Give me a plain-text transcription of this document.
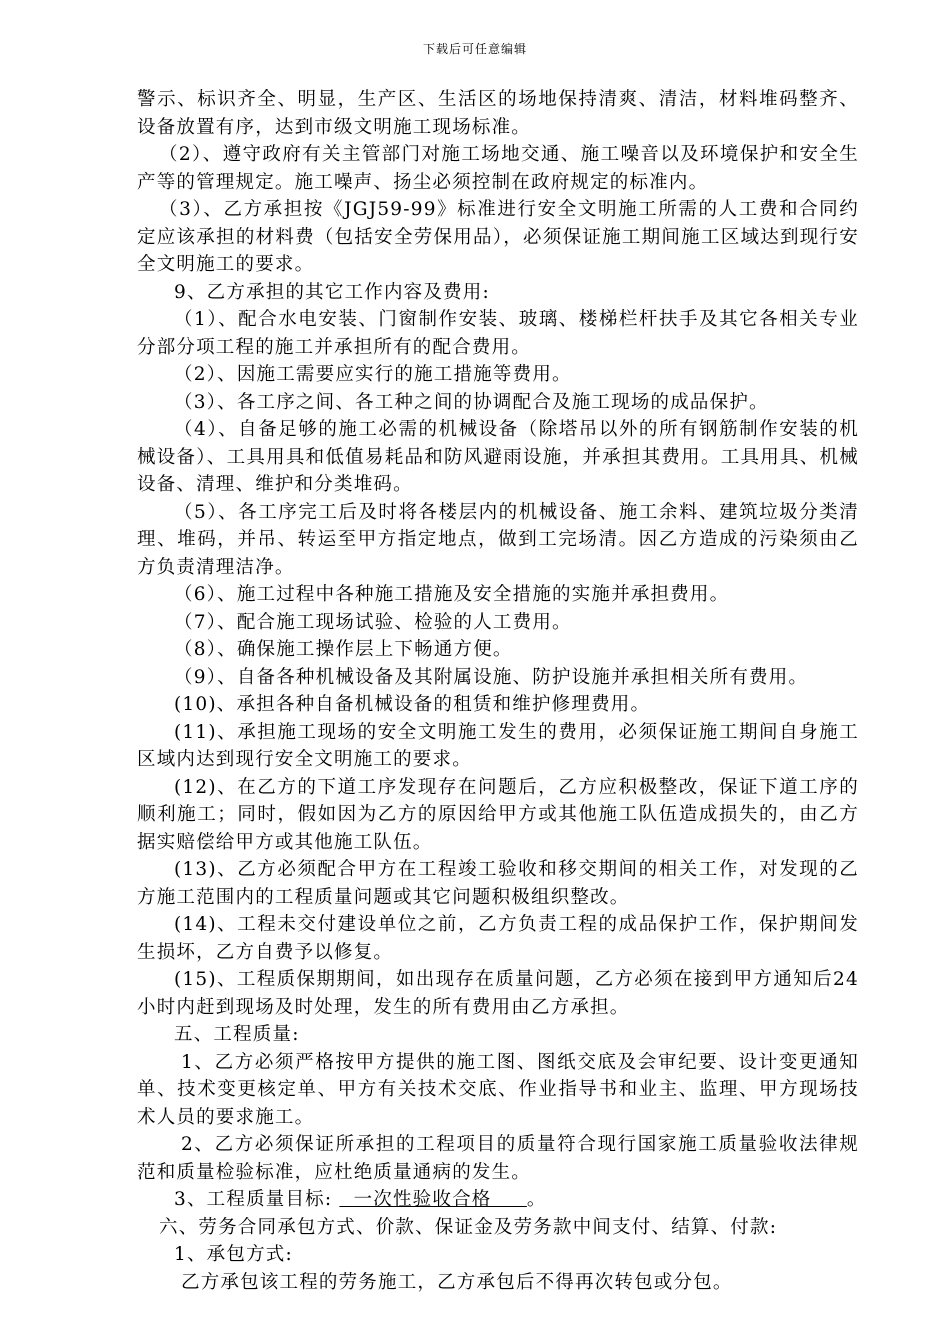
下载后可任意编辑

警示、标识齐全、明显，生产区、生活区的场地保持清爽、清洁，材料堆码整齐、设备放置有序，达到市级文明施工现场标准。

（2）、遵守政府有关主管部门对施工场地交通、施工噪音以及环境保护和安全生产等的管理规定。施工噪声、扬尘必须控制在政府规定的标准内。

（3）、乙方承担按《JGJ59-99》标准进行安全文明施工所需的人工费和合同约定应该承担的材料费（包括安全劳保用品），必须保证施工期间施工区域达到现行安全文明施工的要求。

9、乙方承担的其它工作内容及费用:

（1）、配合水电安装、门窗制作安装、玻璃、楼梯栏杆扶手及其它各相关专业分部分项工程的施工并承担所有的配合费用。

（2）、因施工需要应实行的施工措施等费用。

（3）、各工序之间、各工种之间的协调配合及施工现场的成品保护。

（4）、自备足够的施工必需的机械设备（除塔吊以外的所有钢筋制作安装的机械设备）、工具用具和低值易耗品和防风避雨设施，并承担其费用。工具用具、机械设备、清理、维护和分类堆码。

（5）、各工序完工后及时将各楼层内的机械设备、施工余料、建筑垃圾分类清理、堆码，并吊、转运至甲方指定地点，做到工完场清。因乙方造成的污染须由乙方负责清理洁净。

（6）、施工过程中各种施工措施及安全措施的实施并承担费用。

（7）、配合施工现场试验、检验的人工费用。

（8）、确保施工操作层上下畅通方便。

（9）、自备各种机械设备及其附属设施、防护设施并承担相关所有费用。

(10)、承担各种自备机械设备的租赁和维护修理费用。

(11)、承担施工现场的安全文明施工发生的费用，必须保证施工期间自身施工区域内达到现行安全文明施工的要求。

(12)、在乙方的下道工序发现存在问题后，乙方应积极整改，保证下道工序的顺利施工；同时，假如因为乙方的原因给甲方或其他施工队伍造成损失的，由乙方据实赔偿给甲方或其他施工队伍。

(13)、乙方必须配合甲方在工程竣工验收和移交期间的相关工作，对发现的乙方施工范围内的工程质量问题或其它问题积极组织整改。

(14)、工程未交付建设单位之前，乙方负责工程的成品保护工作，保护期间发生损坏，乙方自费予以修复。

(15)、工程质保期期间，如出现存在质量问题，乙方必须在接到甲方通知后24小时内赶到现场及时处理，发生的所有费用由乙方承担。

五、工程质量:

1、乙方必须严格按甲方提供的施工图、图纸交底及会审纪要、设计变更通知单、技术变更核定单、甲方有关技术交底、作业指导书和业主、监理、甲方现场技术人员的要求施工。

2、乙方必须保证所承担的工程项目的质量符合现行国家施工质量验收法律规范和质量检验标准，应杜绝质量通病的发生。

3、工程质量目标: 一次性验收合格 。

六、劳务合同承包方式、价款、保证金及劳务款中间支付、结算、付款:

1、承包方式:

乙方承包该工程的劳务施工，乙方承包后不得再次转包或分包。
